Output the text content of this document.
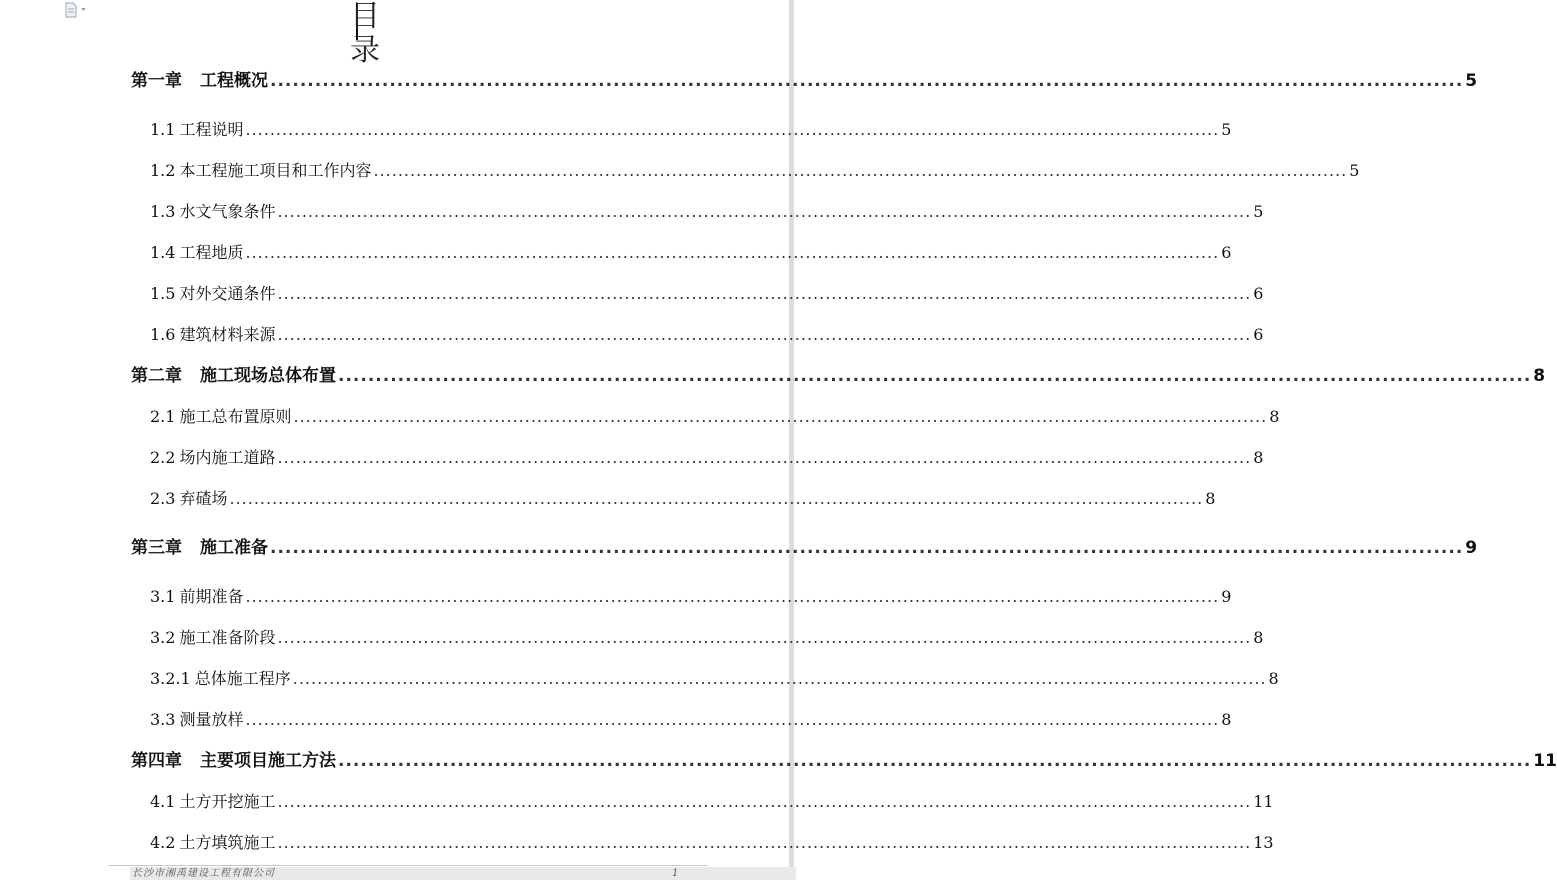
目 录
第一章 工程概况 ................................................................................................................................................................ 5
1.1 工程说明 ................................................................................................................................................................ 5
1.2 本工程施工项目和工作内容 ................................................................................................................................................................ 5
1.3 水文气象条件 ................................................................................................................................................................ 5
1.4 工程地质 ................................................................................................................................................................ 6
1.5 对外交通条件 ................................................................................................................................................................ 6
1.6 建筑材料来源 ................................................................................................................................................................ 6
第二章 施工现场总体布置 ................................................................................................................................................................ 8
2.1 施工总布置原则 ................................................................................................................................................................ 8
2.2 场内施工道路 ................................................................................................................................................................ 8
2.3 弃碴场 ................................................................................................................................................................ 8
第三章 施工准备 ................................................................................................................................................................ 9
3.1 前期准备 ................................................................................................................................................................ 9
3.2 施工准备阶段 ................................................................................................................................................................ 8
3.2.1 总体施工程序 ................................................................................................................................................................ 8
3.3 测量放样 ................................................................................................................................................................ 8
第四章 主要项目施工方法 ................................................................................................................................................................ 11
4.1 土方开挖施工 ................................................................................................................................................................ 11
4.2 土方填筑施工 ................................................................................................................................................................ 13
长沙市湘禹建设工程有限公司	1
